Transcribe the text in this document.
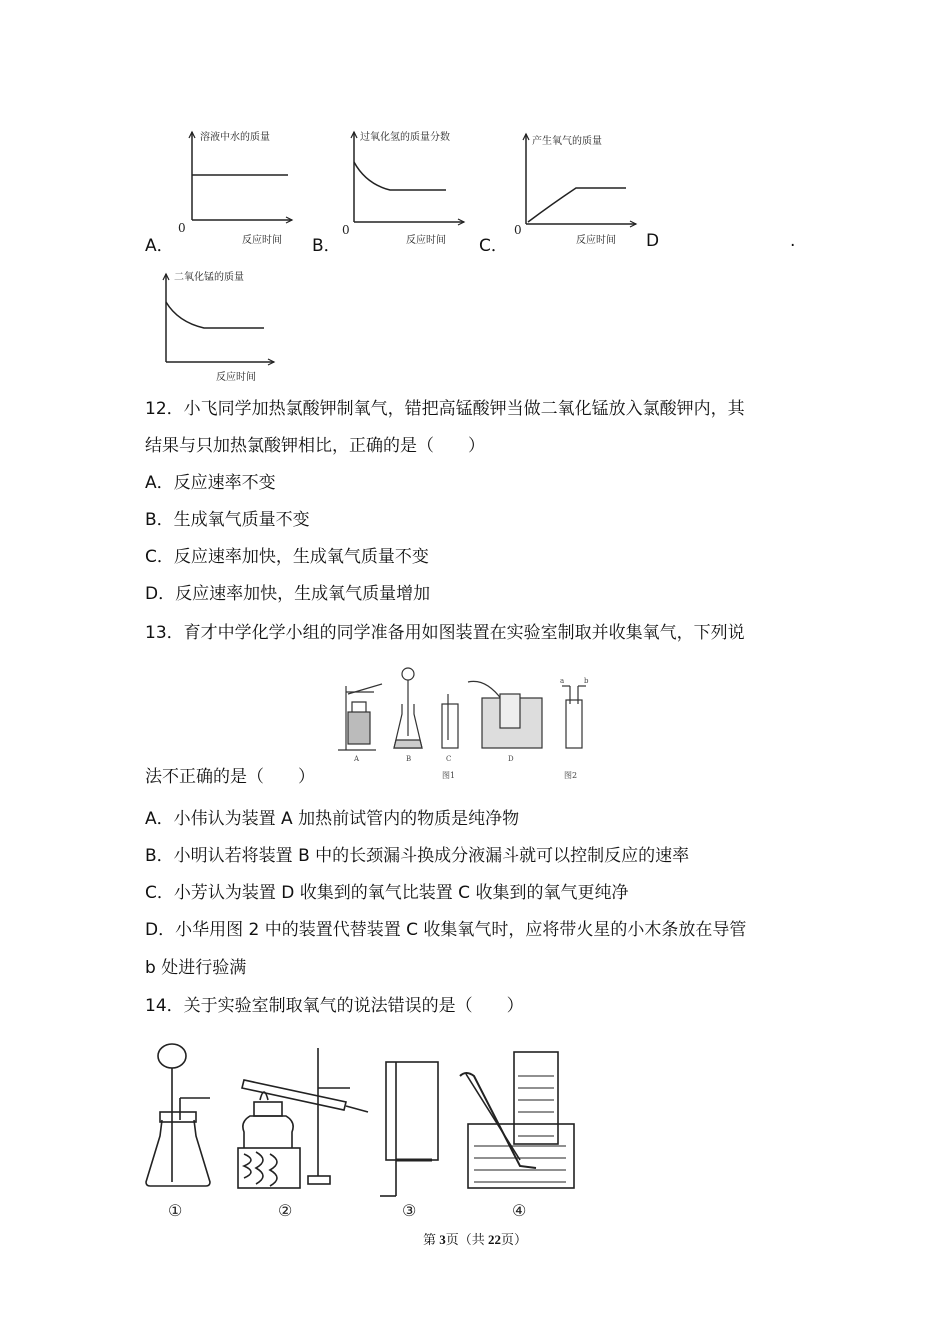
A．	B．	C．	D	.
溶液中水的质量
0
反应时间
过氧化氢的质量分数
0
反应时间
产生氧气的质量
0
反应时间
二氧化锰的质量
反应时间
12．小飞同学加热氯酸钾制氧气，错把高锰酸钾当做二氧化锰放入氯酸钾内，其
结果与只加热氯酸钾相比，正确的是（　　）
A．反应速率不变
B．生成氧气质量不变
C．反应速率加快，生成氧气质量不变
D．反应速率加快，生成氧气质量增加
13．育才中学化学小组的同学准备用如图装置在实验室制取并收集氧气，下列说
A	B	C	D
图1	图2
a	b
法不正确的是（　　）
A．小伟认为装置 A 加热前试管内的物质是纯净物
B．小明认若将装置 B 中的长颈漏斗换成分液漏斗就可以控制反应的速率
C．小芳认为装置 D 收集到的氧气比装置 C 收集到的氧气更纯净
D．小华用图 2 中的装置代替装置 C 收集氧气时，应将带火星的小木条放在导管
b 处进行验满
14．关于实验室制取氧气的说法错误的是（　　）
①	②	③	④
第 3页（共 22页）
